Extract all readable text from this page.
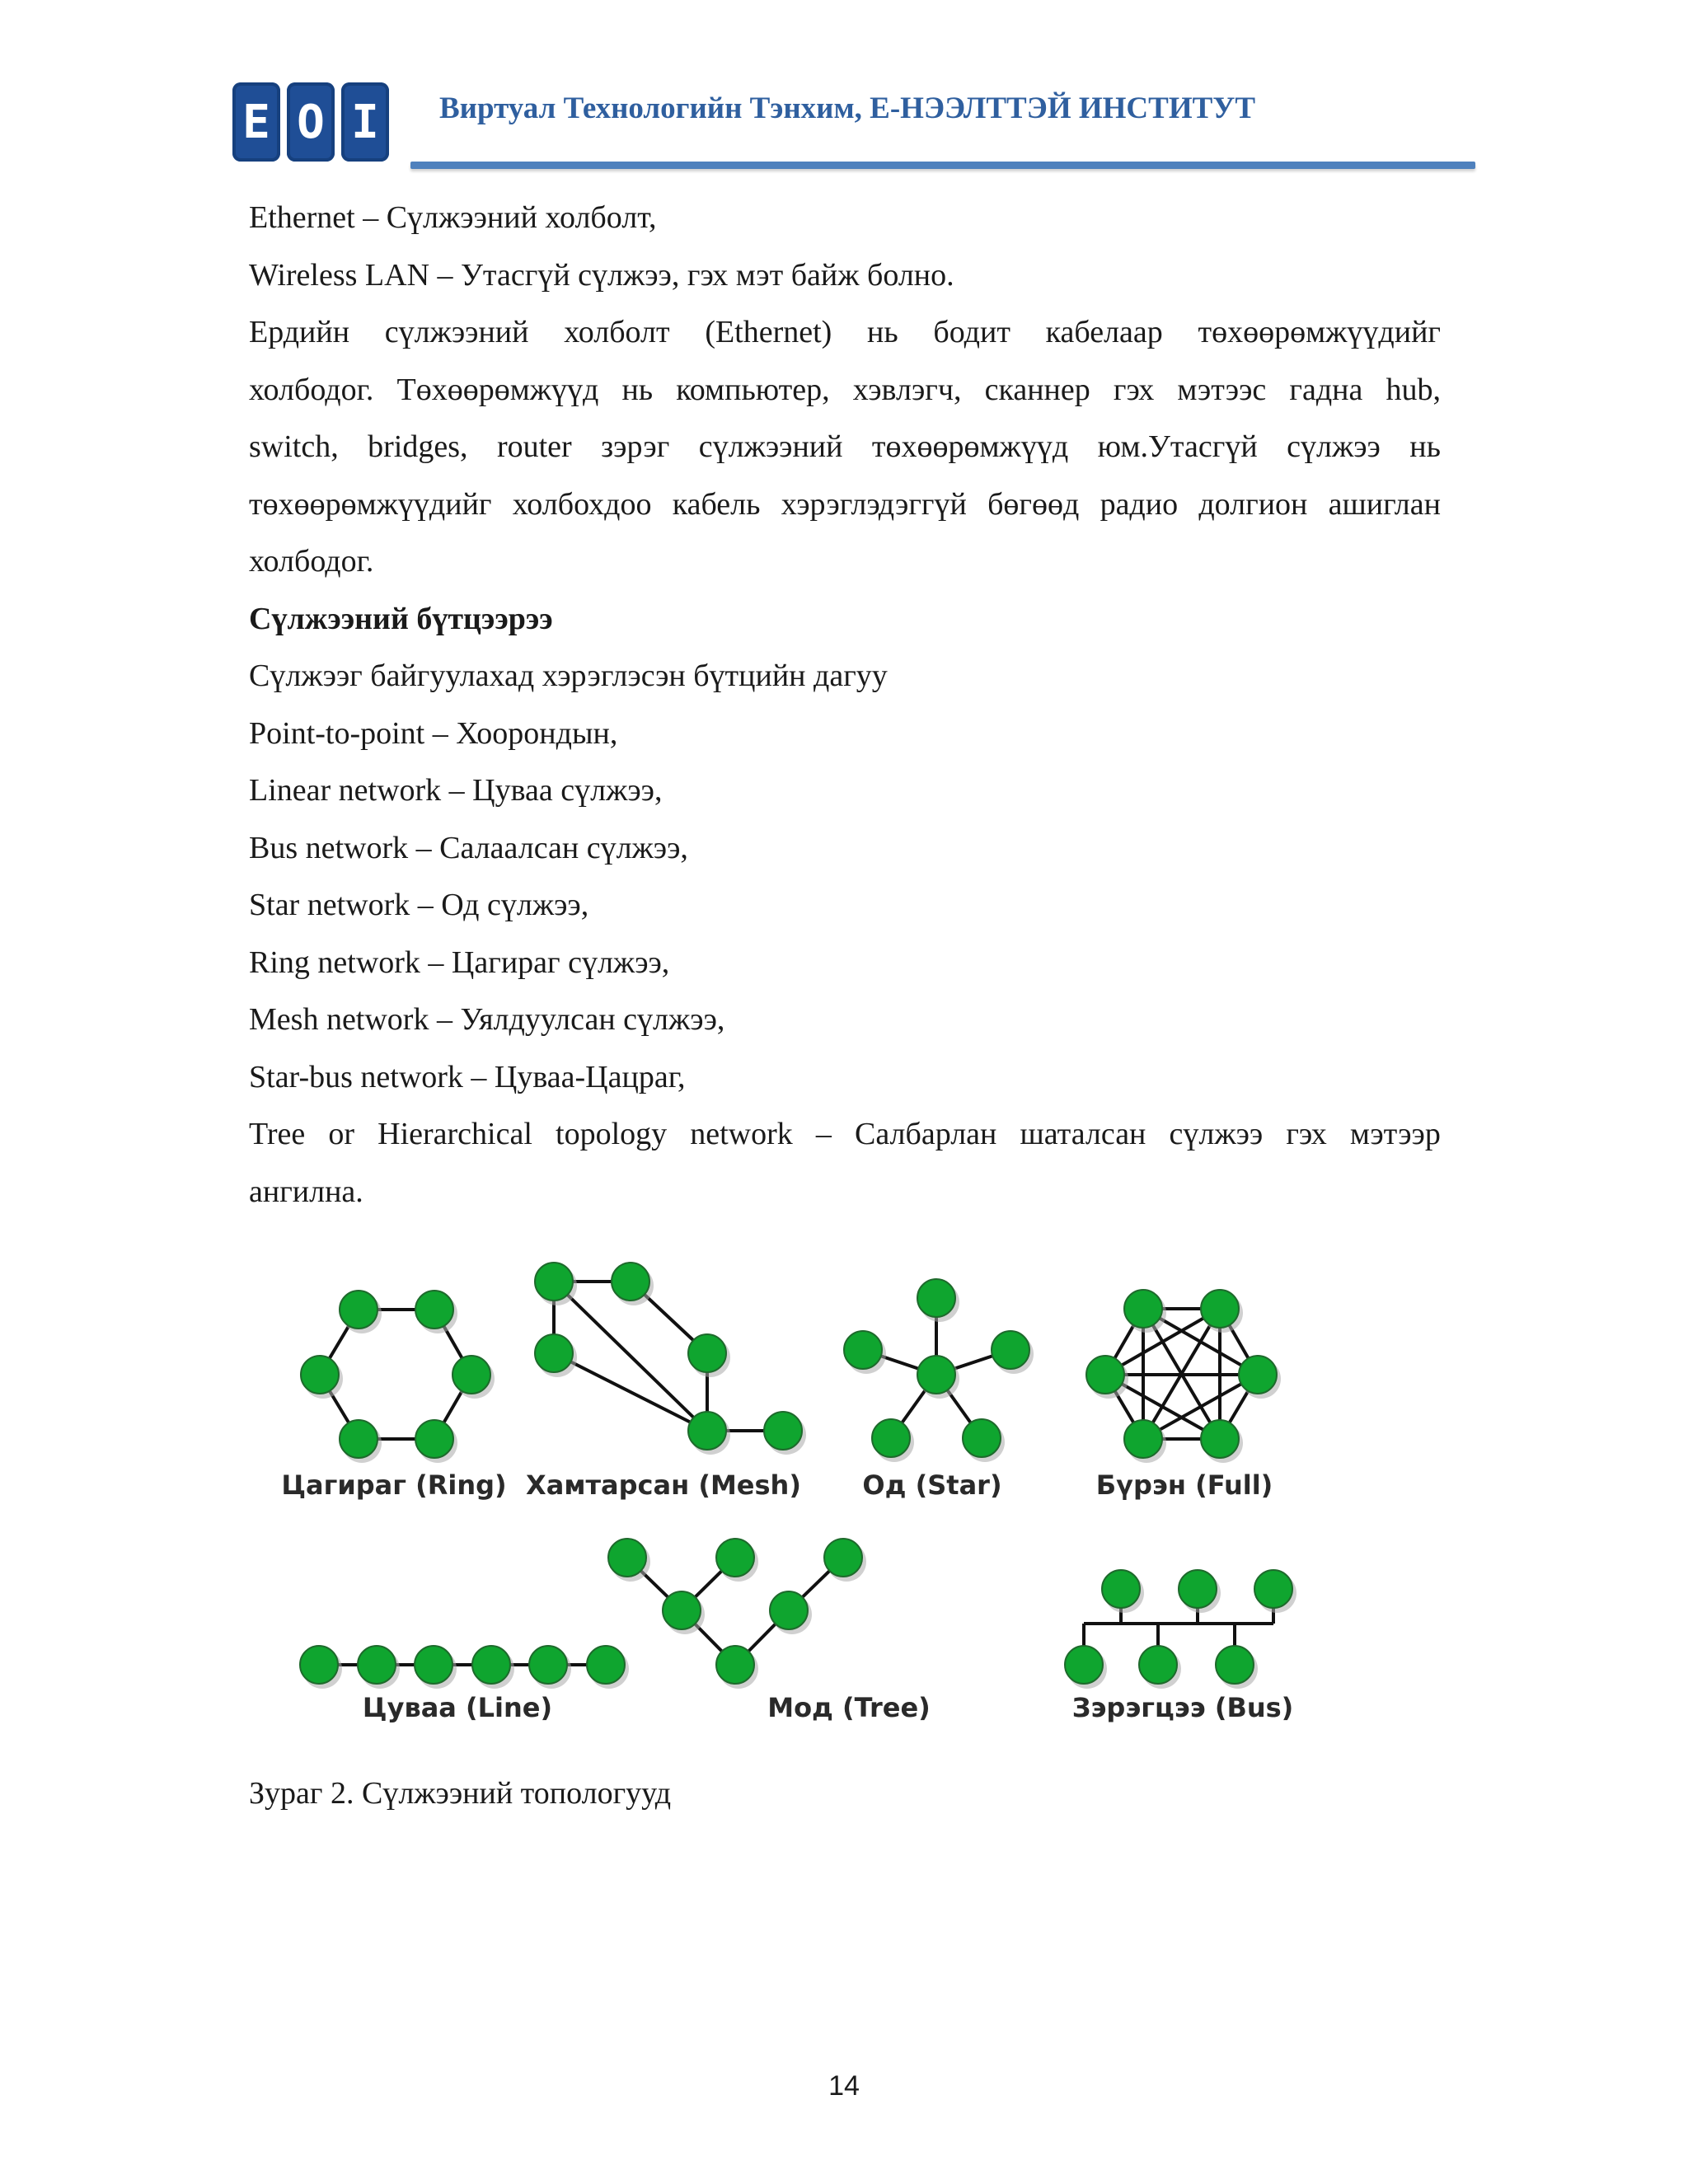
E O I	Виртуал Технологийн Тэнхим, Е-НЭЭЛТТЭЙ ИНСТИТУТ
Ethernet – Сүлжээний холболт,
Wireless LAN – Утасгүй сүлжээ, гэх мэт байж болно.
Ердийн сүлжээний холболт (Ethernet) нь бодит кабелаар төхөөрөмжүүдийг
холбодог. Төхөөрөмжүүд нь компьютер, хэвлэгч, сканнер гэх мэтээс гадна hub,
switch, bridges, router зэрэг сүлжээний төхөөрөмжүүд юм.Утасгүй сүлжээ нь
төхөөрөмжүүдийг холбохдоо кабель хэрэглэдэггүй бөгөөд радио долгион ашиглан
холбодог.
Сүлжээний бүтцээрээ
Сүлжээг байгуулахад хэрэглэсэн бүтцийн дагуу
Point-to-point – Хоорондын,
Linear network – Цуваа сүлжээ,
Bus network – Салаалсан сүлжээ,
Star network – Од сүлжээ,
Ring network – Цагираг сүлжээ,
Mesh network – Уялдуулсан сүлжээ,
Star-bus network – Цуваа-Цацраг,
Tree or Hierarchical topology network – Салбарлан шаталсан сүлжээ гэх мэтээр
ангилна.
Цагираг (Ring) Хамтарсан (Mesh) Од (Star)	Бүрэн (Full)
Цуваа (Line)	Мод (Tree)	Зэрэгцээ (Bus)
Зураг 2. Сүлжээний топологууд
14
